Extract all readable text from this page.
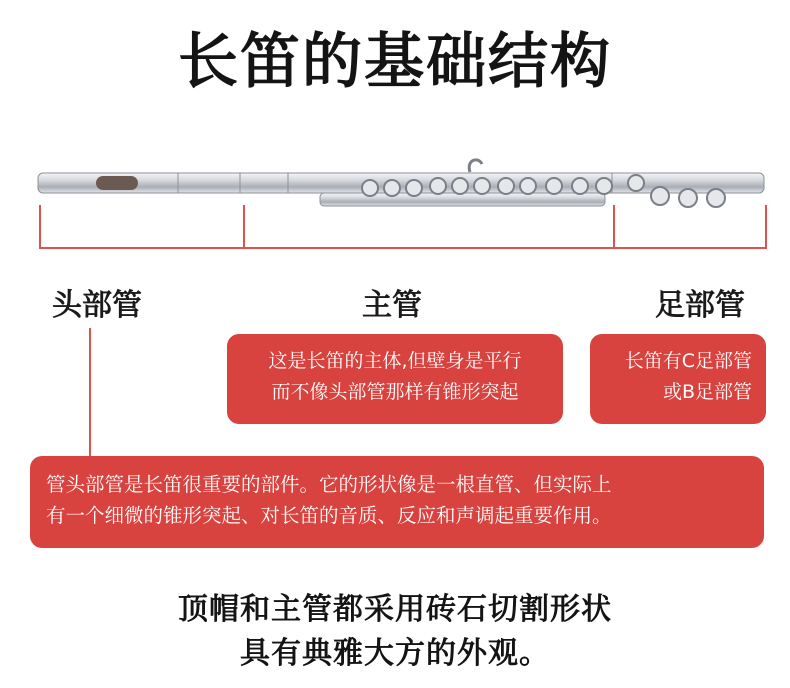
长笛的基础结构
头部管	主管	足部管
这是长笛的主体,但壁身是平行
而不像头部管那样有锥形突起
长笛有C足部管
或B足部管
管头部管是长笛很重要的部件。它的形状像是一根直管、但实际上
有一个细微的锥形突起、对长笛的音质、反应和声调起重要作用。
顶帽和主管都采用砖石切割形状
具有典雅大方的外观。
